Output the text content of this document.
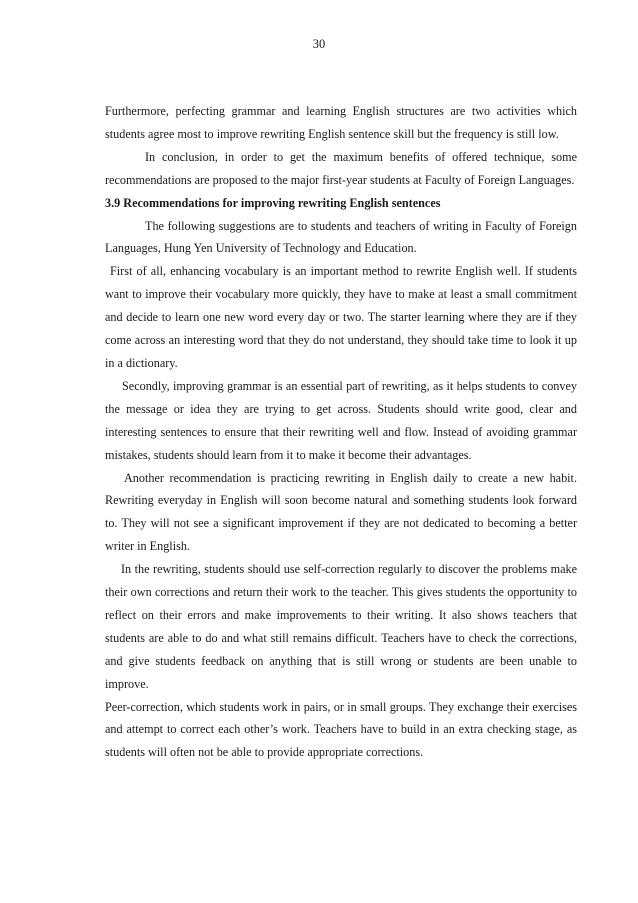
30

Furthermore, perfecting grammar and learning English structures are two activities which students agree most to improve rewriting English sentence skill but the frequency is still low.

In conclusion, in order to get the maximum benefits of offered technique, some recommendations are proposed to the major first-year students at Faculty of Foreign Languages.

3.9 Recommendations for improving rewriting English sentences

The following suggestions are to students and teachers of writing in Faculty of Foreign Languages, Hung Yen University of Technology and Education.

First of all, enhancing vocabulary is an important method to rewrite English well. If students want to improve their vocabulary more quickly, they have to make at least a small commitment and decide to learn one new word every day or two. The starter learning where they are if they come across an interesting word that they do not understand, they should take time to look it up in a dictionary.

Secondly, improving grammar is an essential part of rewriting, as it helps students to convey the message or idea they are trying to get across. Students should write good, clear and interesting sentences to ensure that their rewriting well and flow. Instead of avoiding grammar mistakes, students should learn from it to make it become their advantages.

Another recommendation is practicing rewriting in English daily to create a new habit. Rewriting everyday in English will soon become natural and something students look forward to. They will not see a significant improvement if they are not dedicated to becoming a better writer in English.

In the rewriting, students should use self-correction regularly to discover the problems make their own corrections and return their work to the teacher. This gives students the opportunity to reflect on their errors and make improvements to their writing. It also shows teachers that students are able to do and what still remains difficult. Teachers have to check the corrections, and give students feedback on anything that is still wrong or students are been unable to improve.

Peer-correction, which students work in pairs, or in small groups. They exchange their exercises and attempt to correct each other’s work. Teachers have to build in an extra checking stage, as students will often not be able to provide appropriate corrections.
